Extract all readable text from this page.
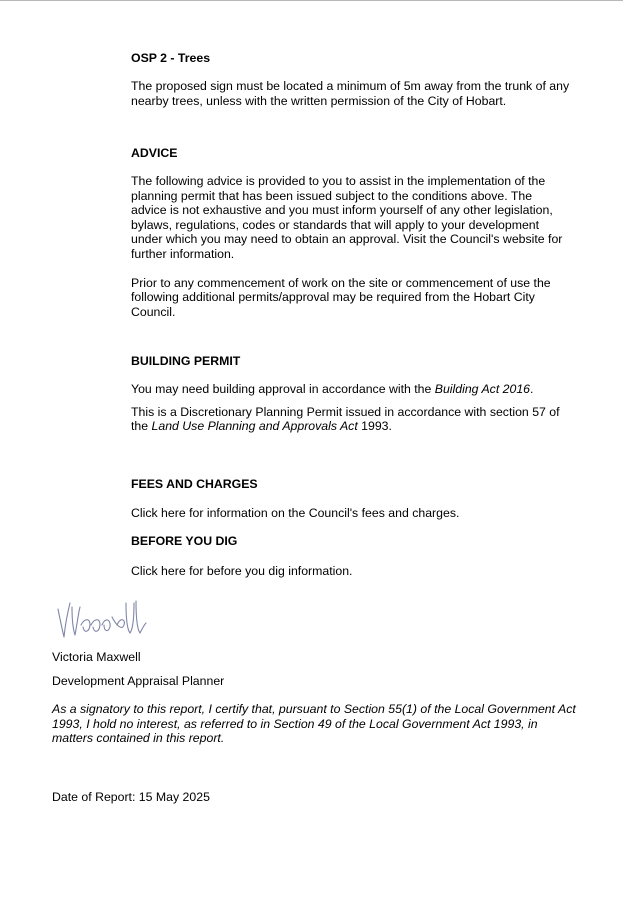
OSP 2 - Trees

The proposed sign must be located a minimum of 5m away from the trunk of any nearby trees, unless with the written permission of the City of Hobart.

ADVICE

The following advice is provided to you to assist in the implementation of the planning permit that has been issued subject to the conditions above. The advice is not exhaustive and you must inform yourself of any other legislation, bylaws, regulations, codes or standards that will apply to your development under which you may need to obtain an approval. Visit the Council's website for further information.

Prior to any commencement of work on the site or commencement of use the following additional permits/approval may be required from the Hobart City Council.

BUILDING PERMIT

You may need building approval in accordance with the Building Act 2016.

This is a Discretionary Planning Permit issued in accordance with section 57 of the Land Use Planning and Approvals Act 1993.

FEES AND CHARGES
Click here for information on the Council's fees and charges.
BEFORE YOU DIG
Click here for before you dig information.
Victoria Maxwell
Development Appraisal Planner
As a signatory to this report, I certify that, pursuant to Section 55(1) of the Local Government Act 1993, I hold no interest, as referred to in Section 49 of the Local Government Act 1993, in matters contained in this report.
Date of Report: 15 May 2025
